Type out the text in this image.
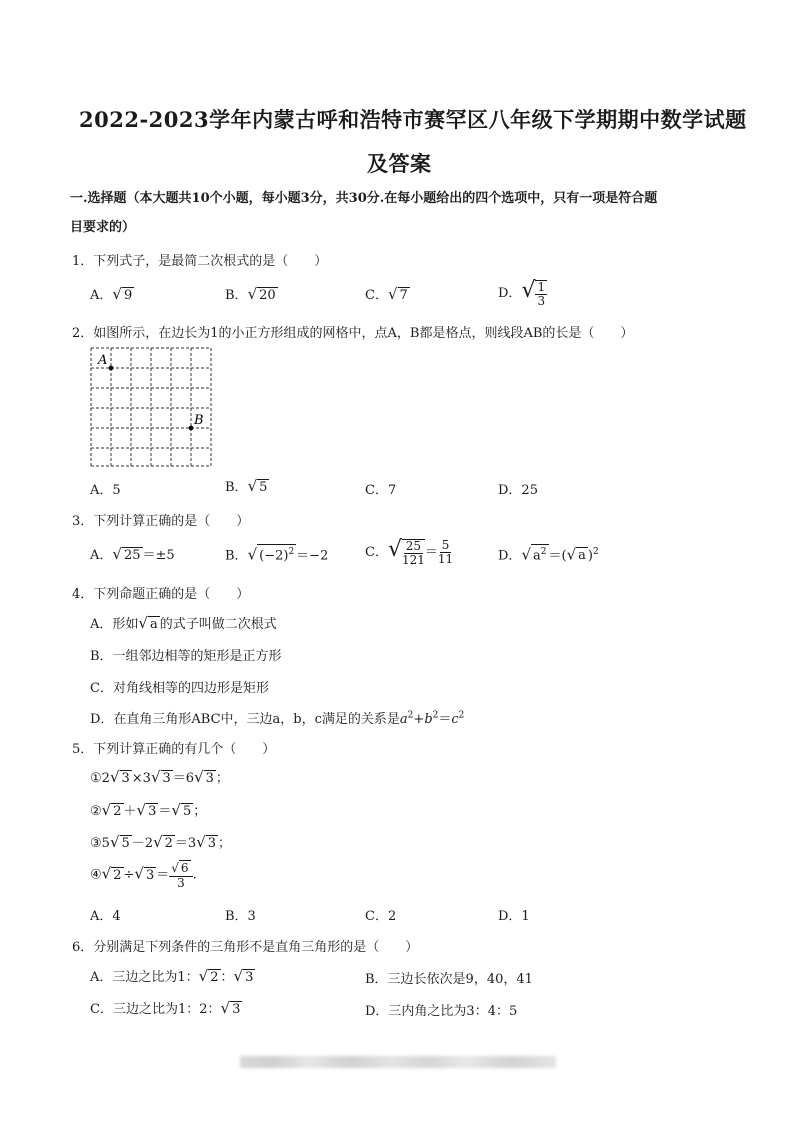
2022-2023学年内蒙古呼和浩特市赛罕区八年级下学期期中数学试题
及答案
一.选择题（本大题共10个小题，每小题3分，共30分.在每小题给出的四个选项中，只有一项是符合题
目要求的）
1．下列式子，是最简二次根式的是（　　）
A．√ 9	B．√ 20	C．√ 7	D．√ $\frac{1}{3}$
2．如图所示，在边长为1的小正方形组成的网格中，点A，B都是格点，则线段AB的长是（　　）
A
B
A．5	B．√ 5	C．7	D．25
3．下列计算正确的是（　　）
A．√ 25 ＝±5	B．√ $(-2)^2 =-2$	C．√ $\frac{25}{121} = \frac{5}{11}$	D．√ $a^2$ ＝(√ a )$^2$
4．下列命题正确的是（　　）
A．形如√ a 的式子叫做二次根式
B．一组邻边相等的矩形是正方形
C．对角线相等的四边形是矩形
D．在直角三角形ABC中，三边a，b，c满足的关系是$a^2+b^2=c^2$
5．下列计算正确的有几个（　　）
①2√ 3 ×3√ 3 ＝6√ 3 ；
②√ 2 ＋√ 3 ＝√ 5 ；
③5√ 5 －2√ 2 ＝3√ 3 ；
④√ 2 ÷√ $3 = \frac{√ 6}{3}$ .
A．4	B．3	C．2	D．1
6．分别满足下列条件的三角形不是直角三角形的是（　　）
A．三边之比为1：√ 2 ：√ 3	B．三边长依次是9，40，41
C．三边之比为1：2：√ 3	D．三内角之比为3：4：5
